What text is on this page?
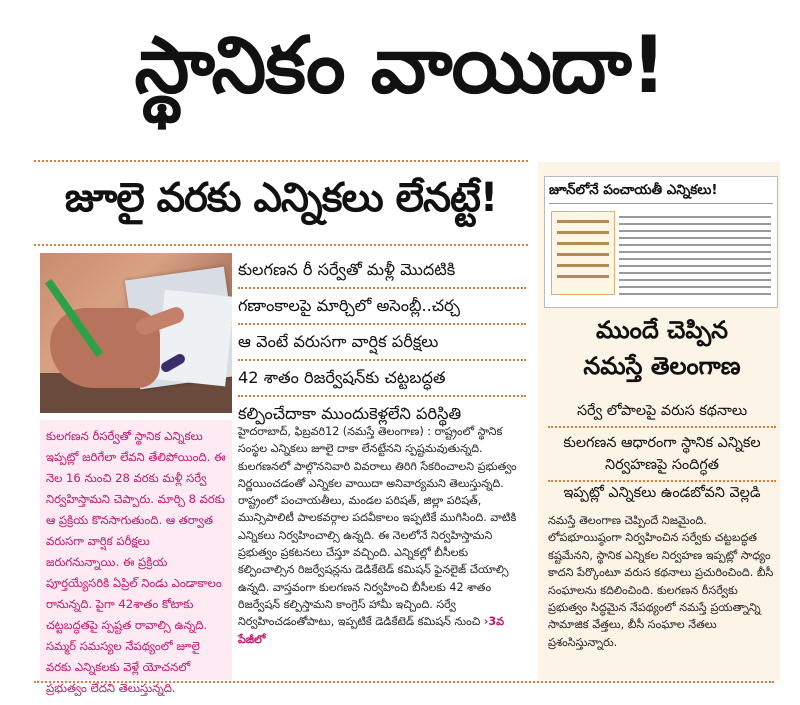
స్థానికం వాయిదా!
జూలై వరకు ఎన్నికలు లేనట్టే!

కులగణన రీసర్వేతో స్థానిక ఎన్నికలు ఇప్పట్లో జరిగేలా లేవని తేలిపోయింది. ఈ నెల 16 నుంచి 28 వరకు మళ్లీ సర్వే నిర్వహిస్తామని చెప్పారు. మార్చి 8 వరకు ఆ ప్రక్రియ కొనసాగుతుంది. ఆ తర్వాత వరుసగా వార్షిక పరీక్షలు జరుగనున్నాయి. ఈ ప్రక్రియ పూర్తయ్యేసరికి ఏప్రిల్ నిండు ఎండాకాలం రానున్నది. పైగా 42శాతం కోటాకు చట్టబద్ధతపై స్పష్టత రావాల్సి ఉన్నది. సమ్మర్ సమస్యల నేపథ్యంలో జూలై వరకు ఎన్నికలకు వెళ్లే యోచనలో ప్రభుత్వం లేదని తెలుస్తున్నది.

కులగణన రీ సర్వేతో మళ్లీ మొదటికి
గణాంకాలపై మార్చిలో అసెంబ్లీ..చర్చ
ఆ వెంటే వరుసగా వార్షిక పరీక్షలు
42 శాతం రిజర్వేషన్‌కు చట్టబద్ధత
కల్పించేదాకా ముందుకెళ్లలేని పరిస్థితి

హైదరాబాద్, ఫిబ్రవరి12 (నమస్తే తెలంగాణ) : రాష్ట్రంలో స్థానిక సంస్థల ఎన్నికలు జూలై దాకా లేనట్టేనని స్పష్టమవుతున్నది. కులగణనలో పాల్గొననివారి వివరాలు తిరిగి సేకరించాలని ప్రభుత్వం నిర్ణయించడంతో ఎన్నికల వాయిదా అనివార్యమని తెలుస్తున్నది. రాష్ట్రంలో పంచాయతీలు, మండల పరిషత్, జిల్లా పరిషత్, మున్సిపాలిటీ పాలకవర్గాల పదవీకాలం ఇప్పటికే ముగిసింది. వాటికి ఎన్నికలు నిర్వహించాల్సి ఉన్నది. ఈ నెలలోనే నిర్వహిస్తామని ప్రభుత్వం ప్రకటనలు చేస్తూ వచ్చింది. ఎన్నికల్లో బీసీలకు కల్పించాల్సిన రిజర్వేషన్లను డెడికేటెడ్ కమిషన్ ఫైనలైజ్ చేయాల్సి ఉన్నది. వాస్తవంగా కులగణన నిర్వహించి బీసీలకు 42 శాతం రిజర్వేషన్ కల్పిస్తామని కాంగ్రెస్ హామీ ఇచ్చింది. సర్వే నిర్వహించడంతోపాటు, ఇప్పటికే డెడికేటెడ్ కమిషన్ నుంచి ›3వ పేజీలో

జూన్‌లోనే పంచాయతీ ఎన్నికలు!
ముందే చెప్పిన
నమస్తే తెలంగాణ
సర్వే లోపాలపై వరుస కథనాలు
కులగణన ఆధారంగా స్థానిక ఎన్నికల
నిర్వహణపై సందిగ్ధత
ఇప్పట్లో ఎన్నికలు ఉండబోవని వెల్లడి

నమస్తే తెలంగాణ చెప్పిందే నిజమైంది. లోపభూయిష్ఠంగా నిర్వహించిన సర్వేకు చట్టబద్ధత కష్టమేనని, స్థానిక ఎన్నికల నిర్వహణ ఇప్పట్లో సాధ్యం కాదని పేర్కొంటూ వరుస కథనాలు ప్రచురించింది. బీసీ సంఘాలను కదిలించింది. కులగణన రీసర్వేకు ప్రభుత్వం సిద్ధమైన నేపథ్యంలో నమస్తే ప్రయత్నాన్ని సామాజిక వేత్తలు, బీసీ సంఘాల నేతలు ప్రశంసిస్తున్నారు.
